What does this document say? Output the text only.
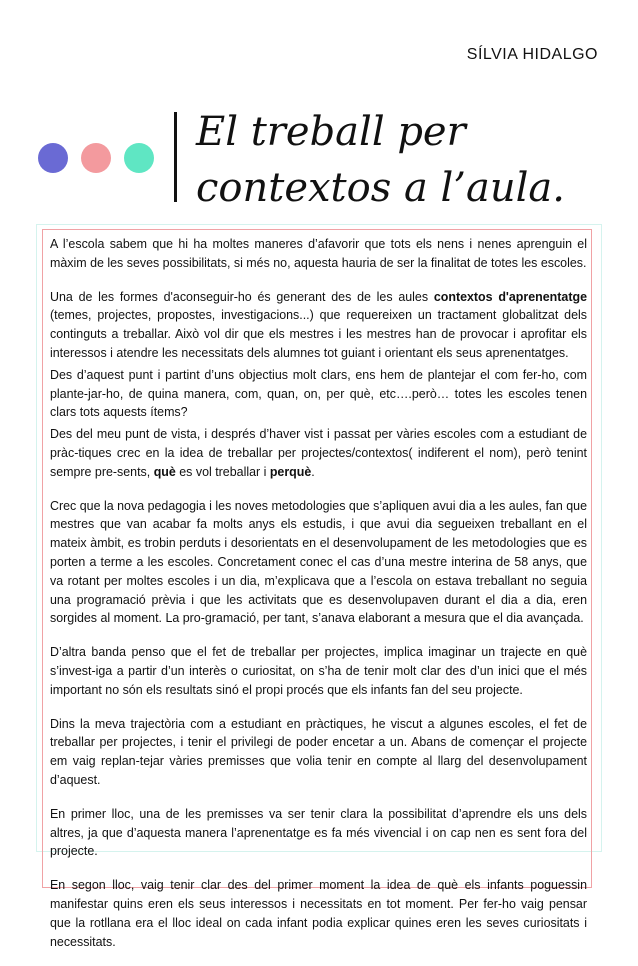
SÍLVIA HIDALGO
El treball per
contextos a l’aula.

A l’escola sabem que hi ha moltes maneres d’afavorir que tots els nens i nenes aprenguin el màxim de les seves possibilitats, si més no, aquesta hauria de ser la finalitat de totes les escoles.

Una de les formes d'aconseguir-ho és generant des de les aules contextos d'aprenentatge (temes, projectes, propostes, investigacions...) que requereixen un tractament globalitzat dels continguts a treballar. Això vol dir que els mestres i les mestres han de provocar i aprofitar els interessos i atendre les necessitats dels alumnes tot guiant i orientant els seus aprenentatges.

Des d’aquest punt i partint d’uns objectius molt clars, ens hem de plantejar el com fer-ho, com plante-jar-ho, de quina manera, com, quan, on, per què, etc….però… totes les escoles tenen clars tots aquests ítems?

Des del meu punt de vista, i després d’haver vist i passat per vàries escoles com a estudiant de pràc-tiques crec en la idea de treballar per projectes/contextos( indiferent el nom), però tenint sempre pre-sents, què es vol treballar i perquè.

Crec que la nova pedagogia i les noves metodologies que s’apliquen avui dia a les aules, fan que mestres que van acabar fa molts anys els estudis, i que avui dia segueixen treballant en el mateix àmbit, es trobin perduts i desorientats en el desenvolupament de les metodologies que es porten a terme a les escoles. Concretament conec el cas d’una mestre interina de 58 anys, que va rotant per moltes escoles i un dia, m’explicava que a l’escola on estava treballant no seguia una programació prèvia i que les activitats que es desenvolupaven durant el dia a dia, eren sorgides al moment. La pro-gramació, per tant, s’anava elaborant a mesura que el dia avançada.

D’altra banda penso que el fet de treballar per projectes, implica imaginar un trajecte en què s’invest-iga a partir d’un interès o curiositat, on s’ha de tenir molt clar des d’un inici que el més important no són els resultats sinó el propi procés que els infants fan del seu projecte.

Dins la meva trajectòria com a estudiant en pràctiques, he viscut a algunes escoles, el fet de treballar per projectes, i tenir el privilegi de poder encetar a un. Abans de començar el projecte em vaig replan-tejar vàries premisses que volia tenir en compte al llarg del desenvolupament d’aquest.

En primer lloc, una de les premisses va ser tenir clara la possibilitat d’aprendre els uns dels altres, ja que d’aquesta manera l’aprenentatge es fa més vivencial i on cap nen es sent fora del projecte.

En segon lloc, vaig tenir clar des del primer moment la idea de què els infants poguessin manifestar quins eren els seus interessos i necessitats en tot moment. Per fer-ho vaig pensar que la rotllana era el lloc ideal on cada infant podia explicar quines eren les seves curiositats i necessitats.
